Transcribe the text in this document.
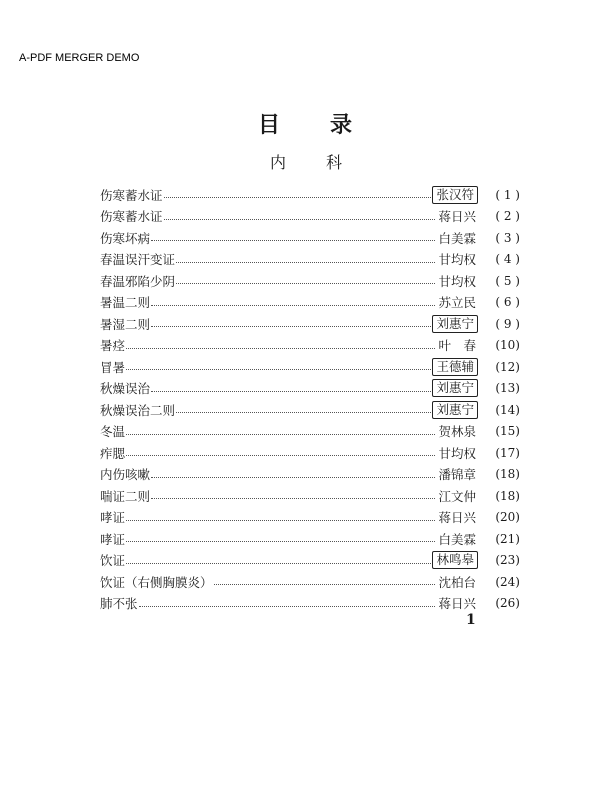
A-PDF MERGER DEMO
目 录
内	科
伤寒蓄水证	张汉符	( 1 )
伤寒蓄水证	蒋日兴	( 2 )
伤寒坏病	白美霖	( 3 )
春温误汗变证	甘均权	( 4 )
春温邪陷少阴	甘均权	( 5 )
暑温二则	苏立民	( 6 )
暑湿二则	刘惠宁	( 9 )
暑痉	叶　春	(10)
冒暑	王德辅	(12)
秋燥误治	刘惠宁	(13)
秋燥误治二则	刘惠宁	(14)
冬温	贺林泉	(15)
痄腮	甘均权	(17)
内伤咳嗽	潘锦章	(18)
喘证二则	江文仲	(18)
哮证	蒋日兴	(20)
哮证	白美霖	(21)
饮证	林鸣皋	(23)
饮证（右侧胸膜炎）	沈柏台	(24)
肺不张	蒋日兴	(26)
1
